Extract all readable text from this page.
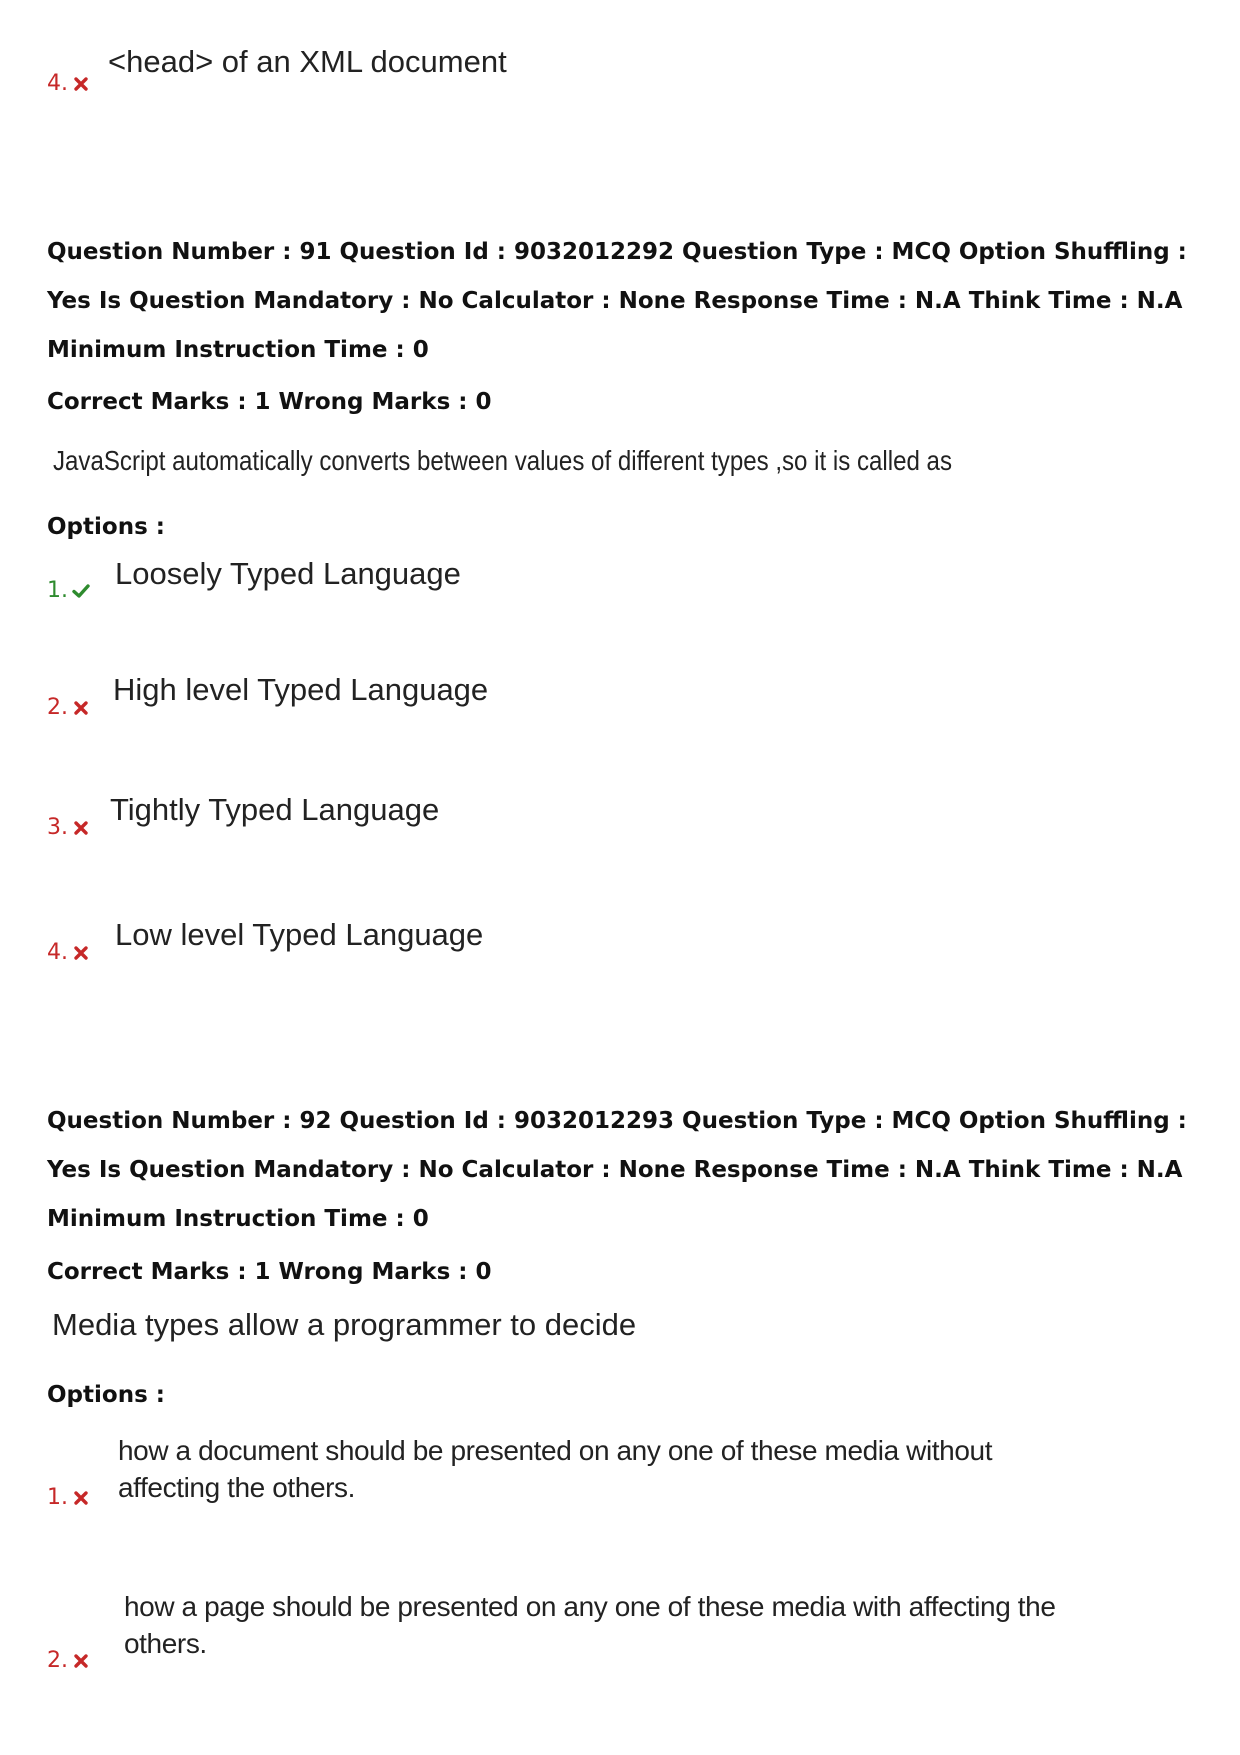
4.
<head> of an XML document
Question Number : 91 Question Id : 9032012292 Question Type : MCQ Option Shuffling : Yes Is Question Mandatory : No Calculator : None Response Time : N.A Think Time : N.A Minimum Instruction Time : 0
Correct Marks : 1 Wrong Marks : 0
JavaScript automatically converts between values of different types ,so it is called as
Options :
1.	Loosely Typed Language
2.
High level Typed Language
3.
Tightly Typed Language
4.
Low level Typed Language
Question Number : 92 Question Id : 9032012293 Question Type : MCQ Option Shuffling : Yes Is Question Mandatory : No Calculator : None Response Time : N.A Think Time : N.A Minimum Instruction Time : 0
Correct Marks : 1 Wrong Marks : 0
Media types allow a programmer to decide
Options :
1.
how a document should be presented on any one of these media without
affecting the others.
2.
how a page should be presented on any one of these media with affecting the
others.
